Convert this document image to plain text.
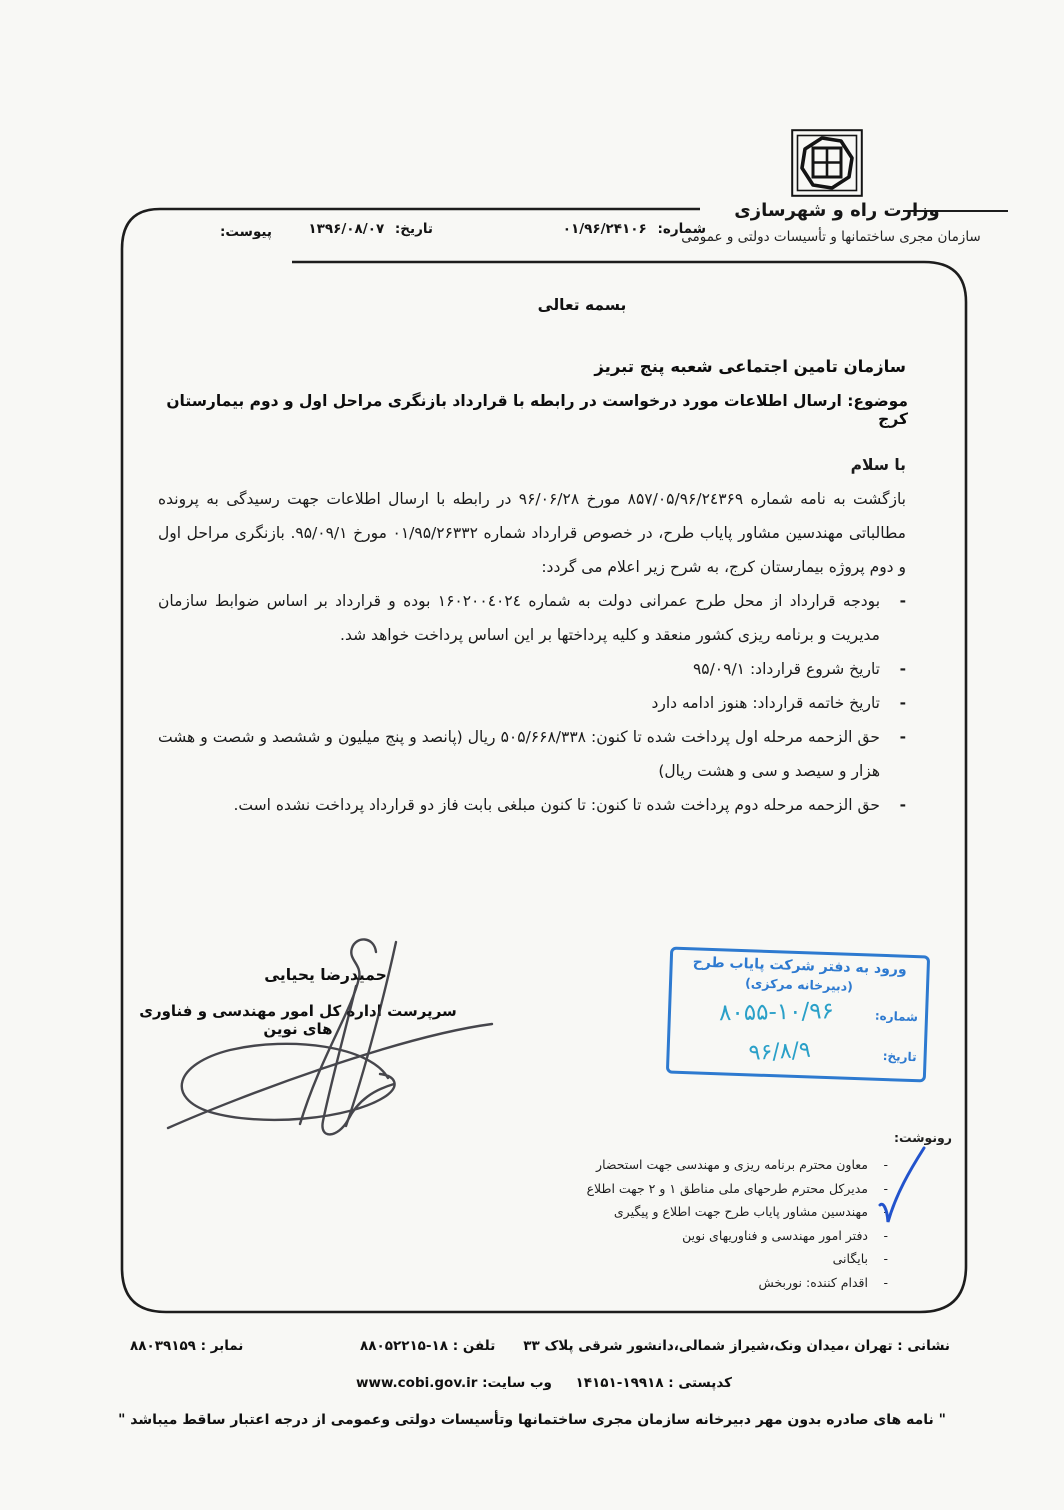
وزارت راه و شهرسازی
سازمان مجری ساختمانها و تأسیسات دولتی و عمومی
شماره: ۰۱/۹۶/۲۴۱۰۶
تاریخ: ۱۳۹۶/۰۸/۰۷
پیوست:
بسمه تعالی
سازمان تامین اجتماعی شعبه پنج تبریز
موضوع: ارسال اطلاعات مورد درخواست در رابطه با قرارداد بازنگری مراحل اول و دوم بیمارستان کرج
با سلام

بازگشت به نامه شماره ۸۵۷/۰۵/۹۶/۲٤۳۶۹ مورخ ۹۶/۰۶/۲۸ در رابطه با ارسال اطلاعات جهت رسیدگی به پرونده مطالباتی مهندسین مشاور پایاب طرح، در خصوص قرارداد شماره ۰۱/۹۵/۲۶۳۳۲ مورخ ۹۵/۰۹/۱. بازنگری مراحل اول و دوم پروژه بیمارستان کرج، به شرح زیر اعلام می گردد:

-
بودجه قرارداد از محل طرح عمرانی دولت به شماره ۱۶۰۲۰۰٤۰۲٤ بوده و قرارداد بر اساس ضوابط سازمان مدیریت و برنامه ریزی کشور منعقد و کلیه پرداختها بر این اساس پرداخت خواهد شد.
-
تاریخ شروع قرارداد: ۹۵/۰۹/۱
-
تاریخ خاتمه قرارداد: هنوز ادامه دارد
-
حق الزحمه مرحله اول پرداخت شده تا کنون: ۵۰۵/۶۶۸/۳۳۸ ریال (پانصد و پنج میلیون و ششصد و شصت و هشت هزار و سیصد و سی و هشت ریال)
-
حق الزحمه مرحله دوم پرداخت شده تا کنون: تا کنون مبلغی بابت فاز دو قرارداد پرداخت نشده است.
حمیدرضا یحیایی
سرپرست اداره کل امور مهندسی و فناوری های نوین
ورود به دفتر شرکت پایاب طرح
(دبیرخانه مرکزی)
شماره:
۸۰۵۵-۱۰/۹۶
تاریخ:
۹۶/۸/۹
رونوشت:
-
معاون محترم برنامه ریزی و مهندسی جهت استحضار
-
مدیرکل محترم طرحهای ملی مناطق ۱ و ۲ جهت اطلاع
-
مهندسین مشاور پایاب طرح جهت اطلاع و پیگیری
-
دفتر امور مهندسی و فناوریهای نوین
-
بایگانی
-
اقدام کننده: نوربخش
نشانی : تهران ،میدان ونک،شیراز شمالی،دانشور شرقی پلاک ۳۳
تلفن : ۱۸-۸۸۰۵۲۲۱۵
نمابر : ۸۸۰۳۹۱۵۹
کدپستی : ۱۹۹۱۸-۱۴۱۵۱
وب سایت: www.cobi.gov.ir
" نامه های صادره بدون مهر دبیرخانه سازمان مجری ساختمانها وتأسیسات دولتی وعمومی از درجه اعتبار ساقط میباشد "
